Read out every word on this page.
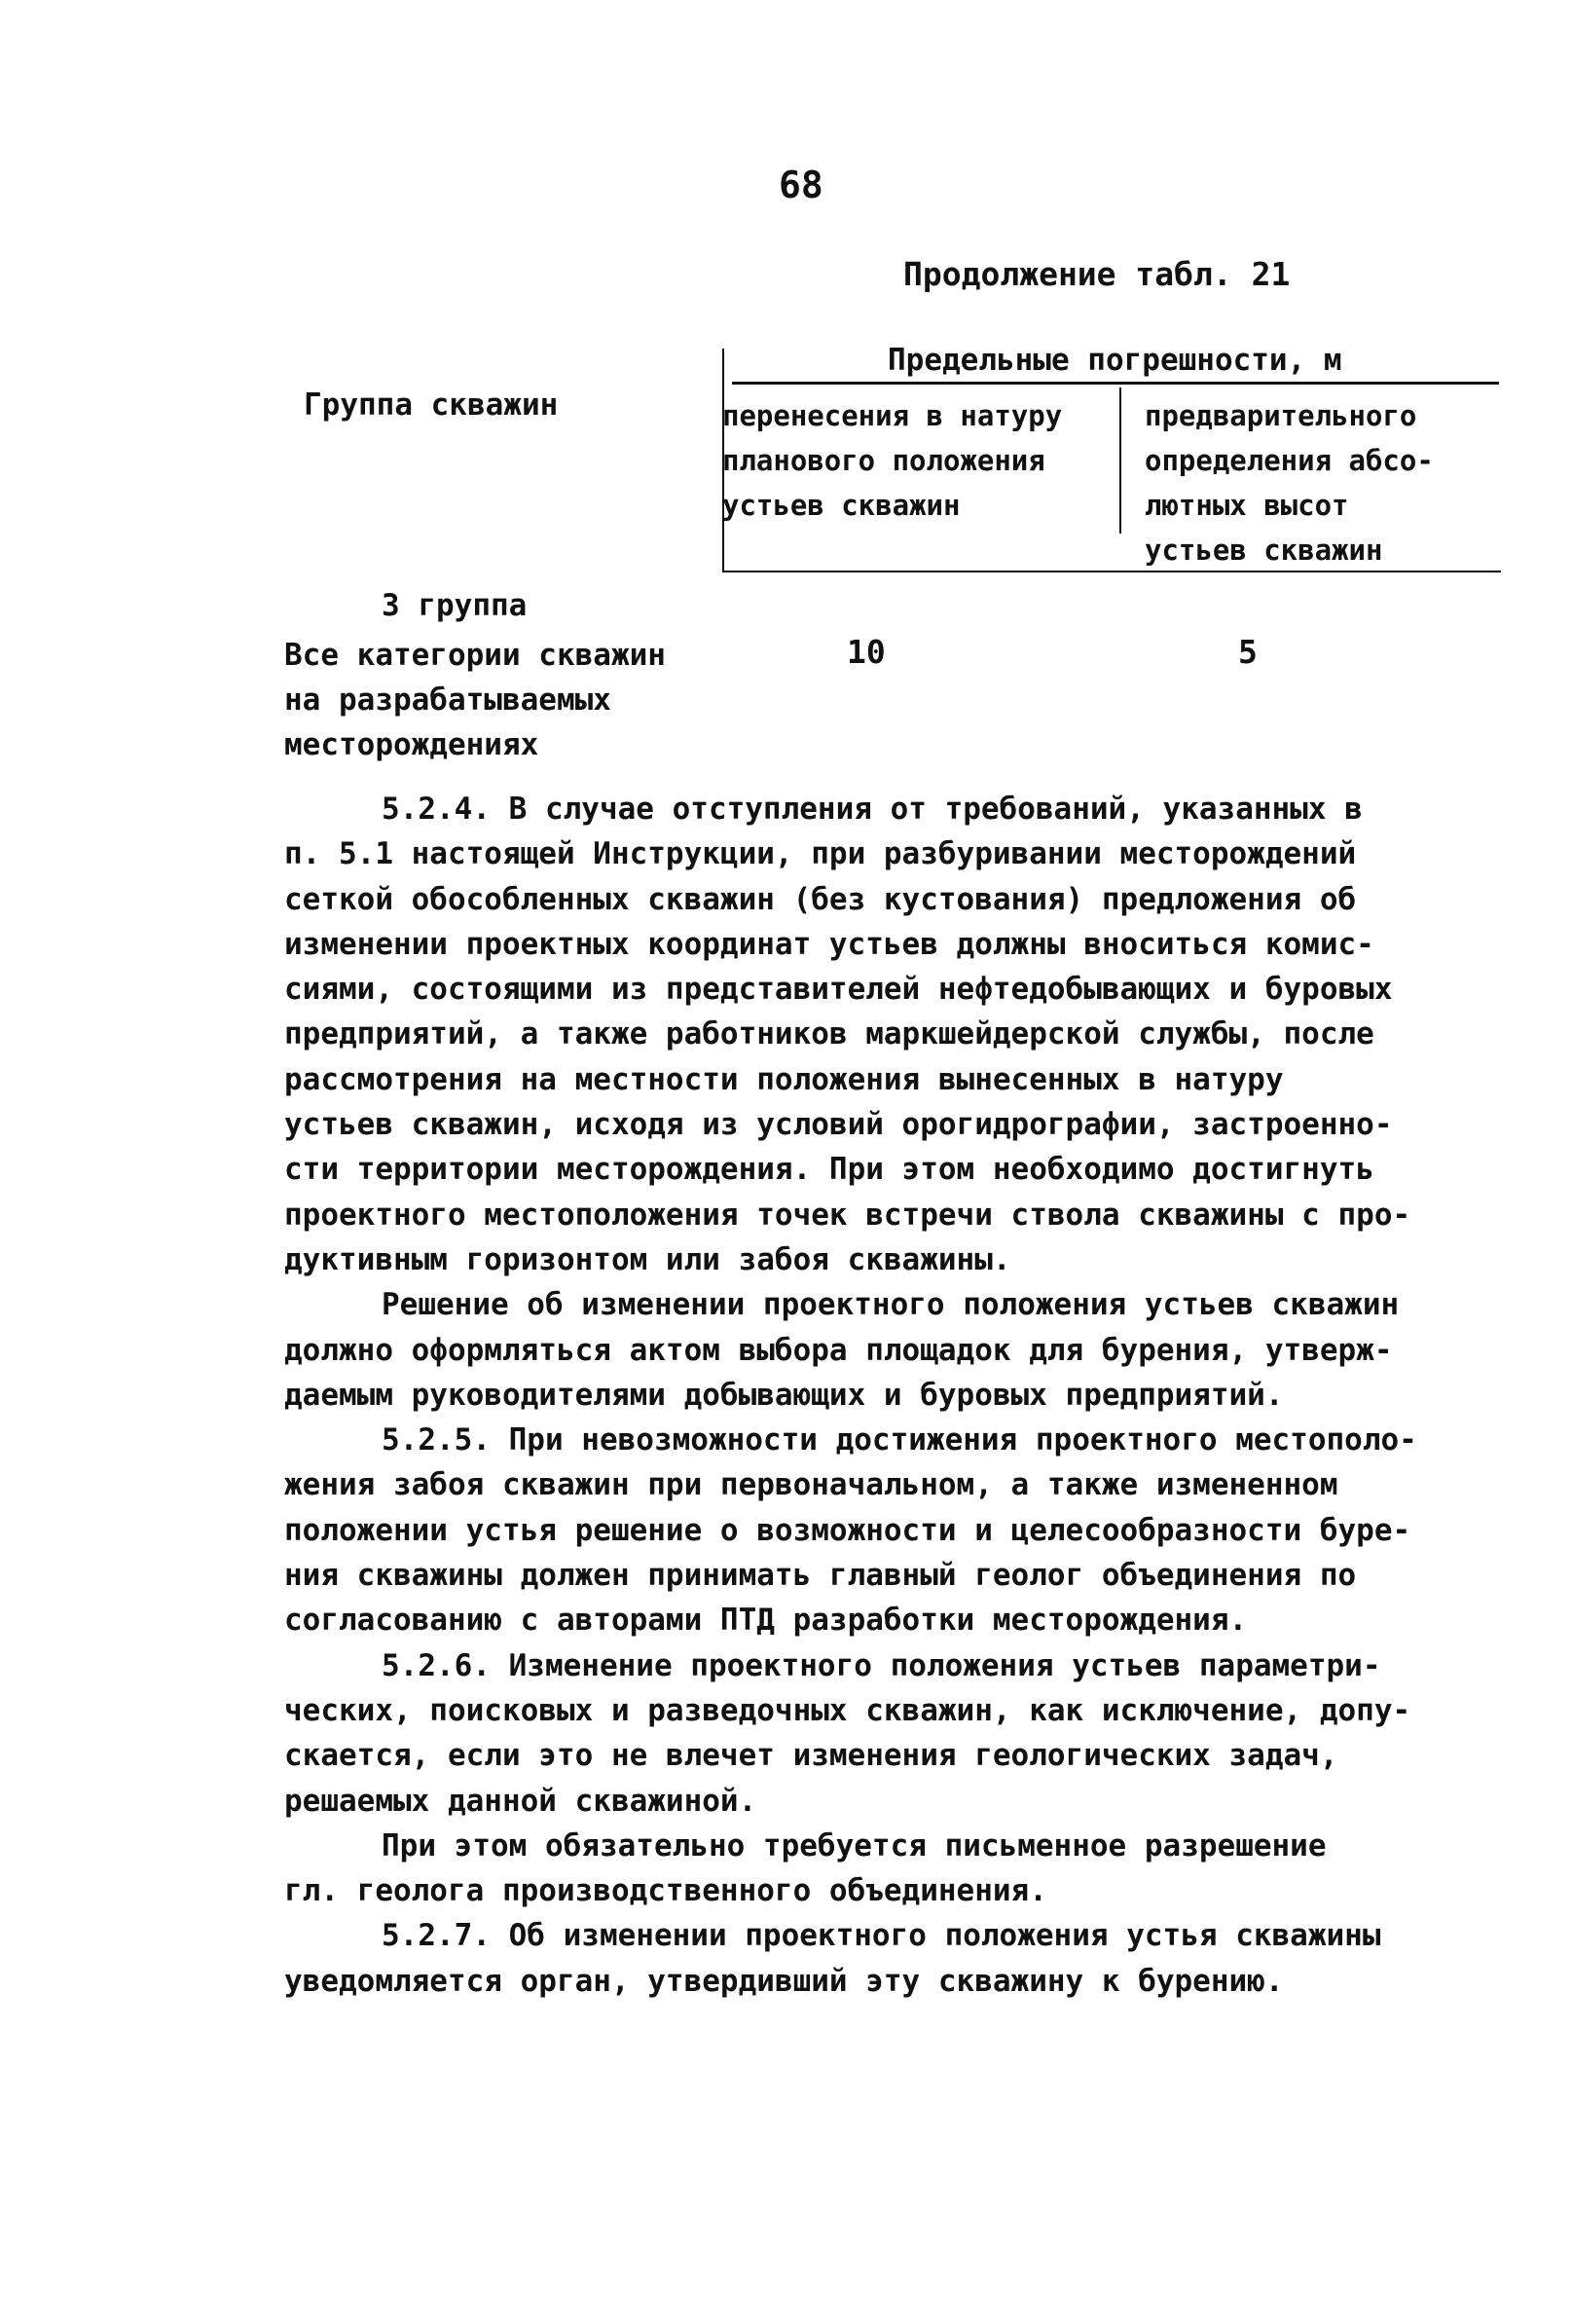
68
Продолжение табл. 21
Группа скважин
Предельные погрешности, м
перенесения в натуру
планового положения
устьев скважин
предварительного
определения абсо-
лютных высот
устьев скважин
3 группа
Все категории скважин
на разрабатываемых
месторождениях
10	5
5.2.4. В случае отступления от требований, указанных в
п. 5.1 настоящей Инструкции, при разбуривании месторождений
сеткой обособленных скважин (без кустования) предложения об
изменении проектных координат устьев должны вноситься комис-
сиями, состоящими из представителей нефтедобывающих и буровых
предприятий, а также работников маркшейдерской службы, после
рассмотрения на местности положения вынесенных в натуру
устьев скважин, исходя из условий орогидрографии, застроенно-
сти территории месторождения. При этом необходимо достигнуть
проектного местоположения точек встречи ствола скважины с про-
дуктивным горизонтом или забоя скважины.
Решение об изменении проектного положения устьев скважин
должно оформляться актом выбора площадок для бурения, утверж-
даемым руководителями добывающих и буровых предприятий.
5.2.5. При невозможности достижения проектного местополо-
жения забоя скважин при первоначальном, а также измененном
положении устья решение о возможности и целесообразности буре-
ния скважины должен принимать главный геолог объединения по
согласованию с авторами ПТД разработки месторождения.
5.2.6. Изменение проектного положения устьев параметри-
ческих, поисковых и разведочных скважин, как исключение, допу-
скается, если это не влечет изменения геологических задач,
решаемых данной скважиной.
При этом обязательно требуется письменное разрешение
гл. геолога производственного объединения.
5.2.7. Об изменении проектного положения устья скважины
уведомляется орган, утвердивший эту скважину к бурению.
